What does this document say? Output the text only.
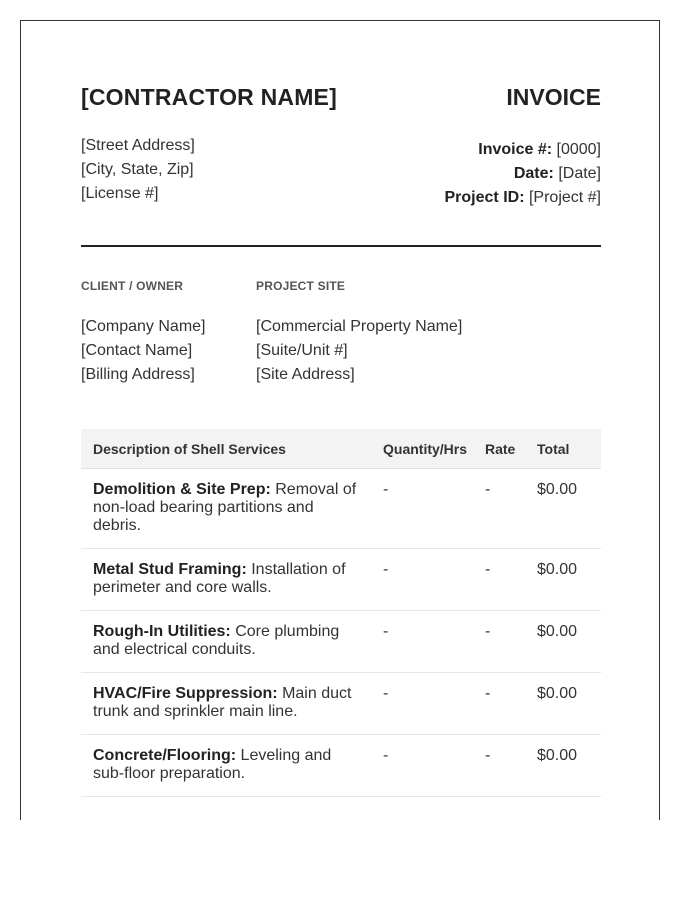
[CONTRACTOR NAME]	INVOICE
[Street Address]
[City, State, Zip]
[License #]
Invoice #: [0000]
Date: [Date]
Project ID: [Project #]
CLIENT / OWNER
[Company Name]
[Contact Name]
[Billing Address]
PROJECT SITE
[Commercial Property Name]
[Suite/Unit #]
[Site Address]
Description of Shell Services	Quantity/Hrs	Rate	Total
Demolition & Site Prep: Removal of non-load bearing partitions and debris.	-	-	$0.00
Metal Stud Framing: Installation of perimeter and core walls.	-	-	$0.00
Rough-In Utilities: Core plumbing and electrical conduits.	-	-	$0.00
HVAC/Fire Suppression: Main duct trunk and sprinkler main line.	-	-	$0.00
Concrete/Flooring: Leveling and sub-floor preparation.	-	-	$0.00
